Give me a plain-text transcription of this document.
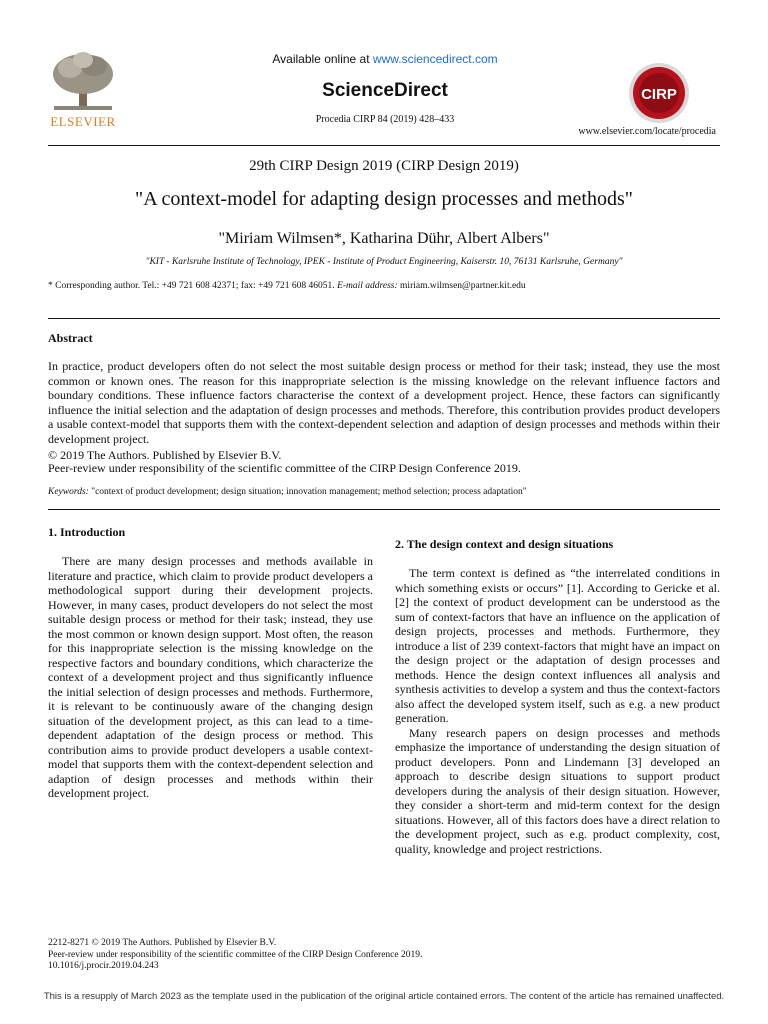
ELSEVIER
Available online at www.sciencedirect.com
ScienceDirect
Procedia CIRP 84 (2019) 428–433
CIRP
www.elsevier.com/locate/procedia
29th CIRP Design 2019 (CIRP Design 2019)
"A context-model for adapting design processes and methods"
"Miriam Wilmsen*, Katharina Dühr, Albert Albers"
"KIT - Karlsruhe Institute of Technology, IPEK - Institute of Product Engineering, Kaiserstr. 10, 76131 Karlsruhe, Germany"
* Corresponding author. Tel.: +49 721 608 42371; fax: +49 721 608 46051. E-mail address: miriam.wilmsen@partner.kit.edu
Abstract
In practice, product developers often do not select the most suitable design process or method for their task; instead, they use the most common or known ones. The reason for this inappropriate selection is the missing knowledge on the relevant influence factors and boundary conditions. These influence factors characterise the context of a development project. Hence, these factors can significantly influence the initial selection and the adaptation of design processes and methods. Therefore, this contribution provides product developers a usable context-model that supports them with the context-dependent selection and adaption of design processes and methods within their development project.
© 2019 The Authors. Published by Elsevier B.V.
Peer-review under responsibility of the scientific committee of the CIRP Design Conference 2019.
Keywords: "context of product development; design situation; innovation management; method selection; process adaptation"
1. Introduction

There are many design processes and methods available in literature and practice, which claim to provide product developers a methodological support during their development projects. However, in many cases, product developers do not select the most suitable design process or method for their task; instead, they use the most common or known design support. Most often, the reason for this inappropriate selection is the missing knowledge on the respective factors and boundary conditions, which characterize the context of a development project and thus significantly influence the initial selection of design processes and methods. Furthermore, it is relevant to be continuously aware of the changing design situation of the development project, as this can lead to a time-dependent adaptation of the design process or method. This contribution aims to provide product developers a usable context-model that supports them with the context-dependent selection and adaption of design processes and methods within their development project.

2. The design context and design situations

The term context is defined as “the interrelated conditions in which something exists or occurs” [1]. According to Gericke et al. [2] the context of product development can be understood as the sum of context-factors that have an influence on the application of design projects, processes and methods. Furthermore, they introduce a list of 239 context-factors that might have an impact on the design project or the adaptation of design processes and methods. Hence the design context influences all analysis and synthesis activities to develop a system and thus the context-factors also affect the developed system itself, such as e.g. a new product generation.

Many research papers on design processes and methods emphasize the importance of understanding the design situation of product developers. Ponn and Lindemann [3] developed an approach to describe design situations to support product developers during the analysis of their design situation. However, they consider a short-term and mid-term context for the design situations. However, all of this factors does have a direct relation to the development project, such as e.g. product complexity, cost, quality, knowledge and project restrictions.

2212-8271 © 2019 The Authors. Published by Elsevier B.V.
Peer-review under responsibility of the scientific committee of the CIRP Design Conference 2019.
10.1016/j.procir.2019.04.243
This is a resupply of March 2023 as the template used in the publication of the original article contained errors. The content of the article has remained unaffected.
